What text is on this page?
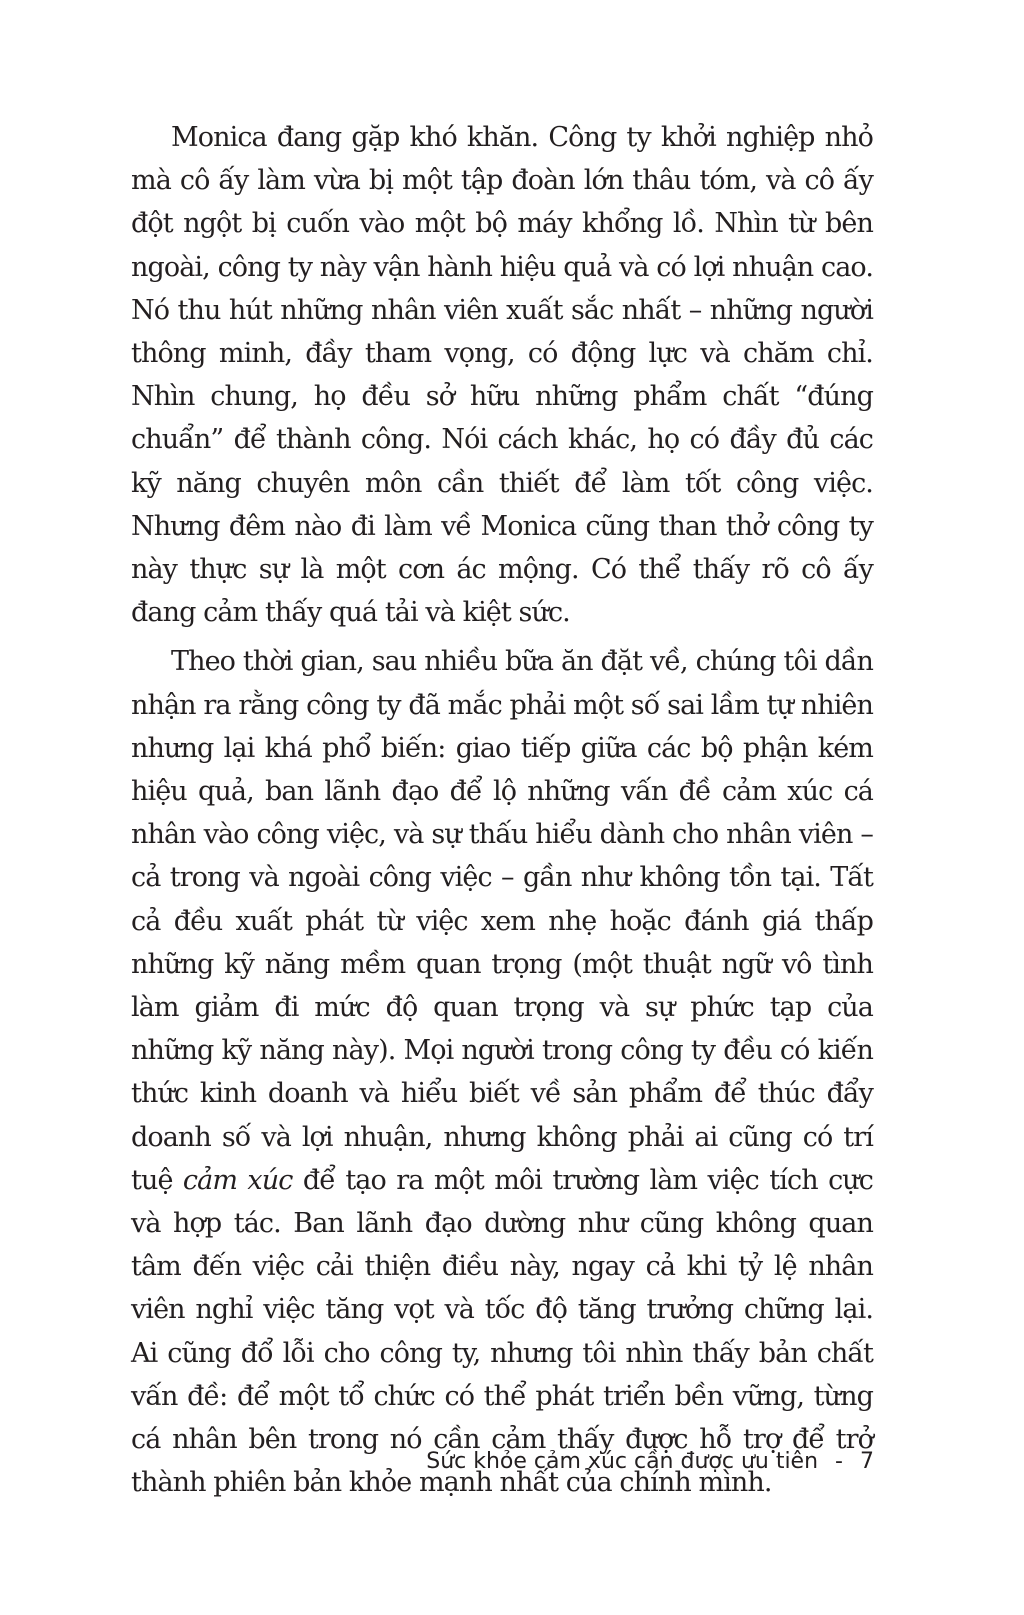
Monica đang gặp khó khăn. Công ty khởi nghiệp nhỏ mà cô ấy làm vừa bị một tập đoàn lớn thâu tóm, và cô ấy đột ngột bị cuốn vào một bộ máy khổng lồ. Nhìn từ bên ngoài, công ty này vận hành hiệu quả và có lợi nhuận cao. Nó thu hút những nhân viên xuất sắc nhất – những người thông minh, đầy tham vọng, có động lực và chăm chỉ. Nhìn chung, họ đều sở hữu những phẩm chất “đúng chuẩn” để thành công. Nói cách khác, họ có đầy đủ các kỹ năng chuyên môn cần thiết để làm tốt công việc. Nhưng đêm nào đi làm về Monica cũng than thở công ty này thực sự là một cơn ác mộng. Có thể thấy rõ cô ấy đang cảm thấy quá tải và kiệt sức.

Theo thời gian, sau nhiều bữa ăn đặt về, chúng tôi dần nhận ra rằng công ty đã mắc phải một số sai lầm tự nhiên nhưng lại khá phổ biến: giao tiếp giữa các bộ phận kém hiệu quả, ban lãnh đạo để lộ những vấn đề cảm xúc cá nhân vào công việc, và sự thấu hiểu dành cho nhân viên – cả trong và ngoài công việc – gần như không tồn tại. Tất cả đều xuất phát từ việc xem nhẹ hoặc đánh giá thấp những kỹ năng mềm quan trọng (một thuật ngữ vô tình làm giảm đi mức độ quan trọng và sự phức tạp của những kỹ năng này). Mọi người trong công ty đều có kiến thức kinh doanh và hiểu biết về sản phẩm để thúc đẩy doanh số và lợi nhuận, nhưng không phải ai cũng có trí tuệ cảm xúc để tạo ra một môi trường làm việc tích cực và hợp tác. Ban lãnh đạo dường như cũng không quan tâm đến việc cải thiện điều này, ngay cả khi tỷ lệ nhân viên nghỉ việc tăng vọt và tốc độ tăng trưởng chững lại. Ai cũng đổ lỗi cho công ty, nhưng tôi nhìn thấy bản chất vấn đề: để một tổ chức có thể phát triển bền vững, từng cá nhân bên trong nó cần cảm thấy được hỗ trợ để trở thành phiên bản khỏe mạnh nhất của chính mình.

Sức khỏe cảm xúc cần được ưu tiên - 7
